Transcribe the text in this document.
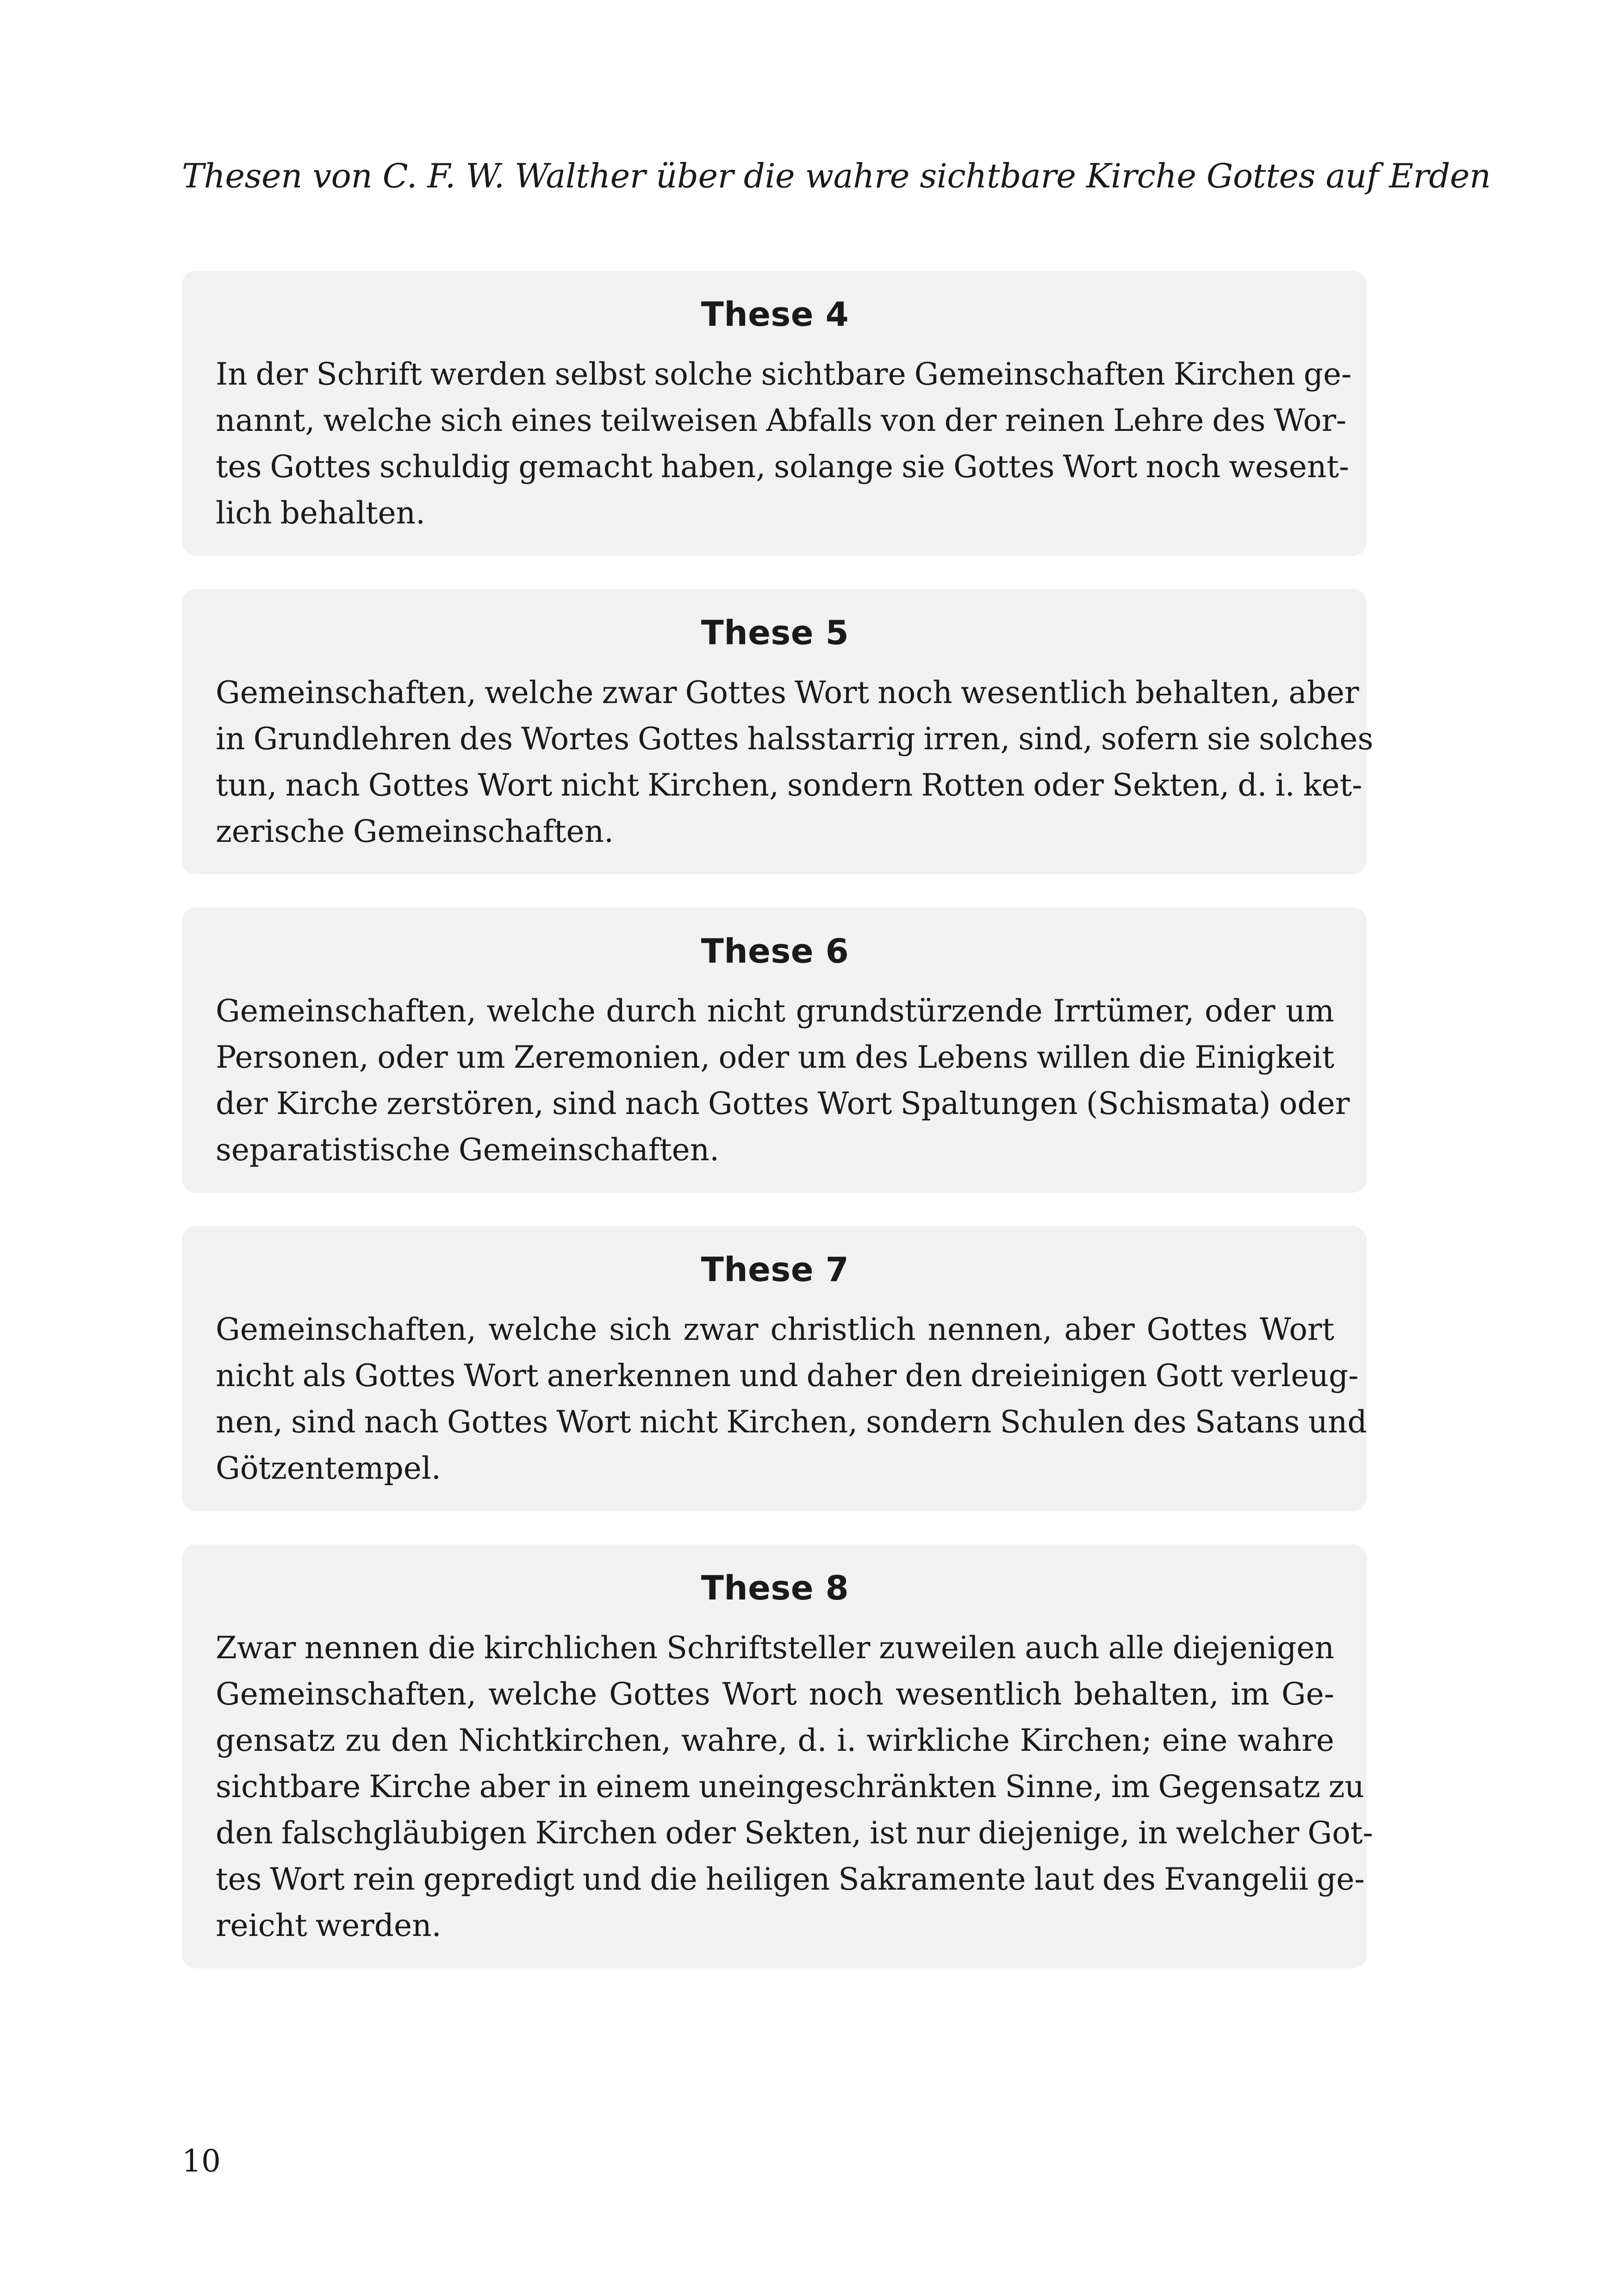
Thesen von C. F. W. Walther über die wahre sichtbare Kirche Gottes auf Erden
These 4

In der Schrift werden selbst solche sichtbare Gemeinschaften Kirchen ge-
nannt, welche sich eines teilweisen Abfalls von der reinen Lehre des Wor-
tes Gottes schuldig gemacht haben, solange sie Gottes Wort noch wesent-
lich behalten.

These 5

Gemeinschaften, welche zwar Gottes Wort noch wesentlich behalten, aber
in Grundlehren des Wortes Gottes halsstarrig irren, sind, sofern sie solches
tun, nach Gottes Wort nicht Kirchen, sondern Rotten oder Sekten, d. i. ket-
zerische Gemeinschaften.

These 6

Gemeinschaften, welche durch nicht grundstürzende Irrtümer, oder um
Personen, oder um Zeremonien, oder um des Lebens willen die Einigkeit
der Kirche zerstören, sind nach Gottes Wort Spaltungen (Schismata) oder
separatistische Gemeinschaften.

These 7

Gemeinschaften, welche sich zwar christlich nennen, aber Gottes Wort
nicht als Gottes Wort anerkennen und daher den dreieinigen Gott verleug-
nen, sind nach Gottes Wort nicht Kirchen, sondern Schulen des Satans und
Götzentempel.

These 8

Zwar nennen die kirchlichen Schriftsteller zuweilen auch alle diejenigen
Gemeinschaften, welche Gottes Wort noch wesentlich behalten, im Ge-
gensatz zu den Nichtkirchen, wahre, d. i. wirkliche Kirchen; eine wahre
sichtbare Kirche aber in einem uneingeschränkten Sinne, im Gegensatz zu
den falschgläubigen Kirchen oder Sekten, ist nur diejenige, in welcher Got-
tes Wort rein gepredigt und die heiligen Sakramente laut des Evangelii ge-
reicht werden.

10
